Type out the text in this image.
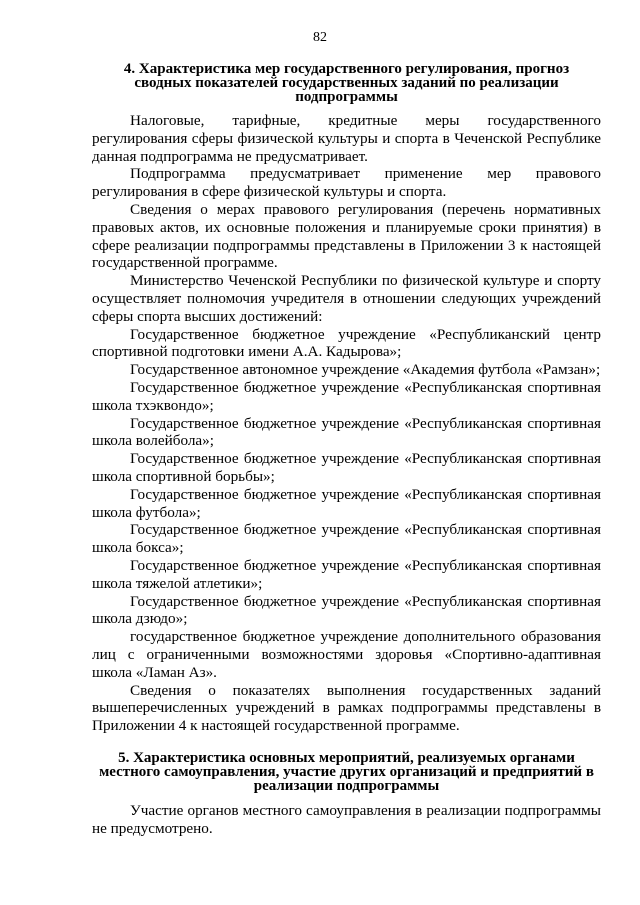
82

4. Характеристика мер государственного регулирования, прогноз
сводных показателей государственных заданий по реализации
подпрограммы

Налоговые, тарифные, кредитные меры государственного регулирования сферы физической культуры и спорта в Чеченской Республике данная подпрограмма не предусматривает.

Подпрограмма предусматривает применение мер правового регулирования в сфере физической культуры и спорта.

Сведения о мерах правового регулирования (перечень нормативных правовых актов, их основные положения и планируемые сроки принятия) в сфере реализации подпрограммы представлены в Приложении 3 к настоящей государственной программе.

Министерство Чеченской Республики по физической культуре и спорту осуществляет полномочия учредителя в отношении следующих учреждений сферы спорта высших достижений:

Государственное бюджетное учреждение «Республиканский центр спортивной подготовки имени А.А. Кадырова»;

Государственное автономное учреждение «Академия футбола «Рамзан»;

Государственное бюджетное учреждение «Республиканская спортивная школа тхэквондо»;

Государственное бюджетное учреждение «Республиканская спортивная школа волейбола»;

Государственное бюджетное учреждение «Республиканская спортивная школа спортивной борьбы»;

Государственное бюджетное учреждение «Республиканская спортивная школа футбола»;

Государственное бюджетное учреждение «Республиканская спортивная школа бокса»;

Государственное бюджетное учреждение «Республиканская спортивная школа тяжелой атлетики»;

Государственное бюджетное учреждение «Республиканская спортивная школа дзюдо»;

государственное бюджетное учреждение дополнительного образования лиц с ограниченными возможностями здоровья «Спортивно-адаптивная школа «Ламан Аз».

Сведения о показателях выполнения государственных заданий вышеперечисленных учреждений в рамках подпрограммы представлены в Приложении 4 к настоящей государственной программе.

5. Характеристика основных мероприятий, реализуемых органами
местного самоуправления, участие других организаций и предприятий в
реализации подпрограммы

Участие органов местного самоуправления в реализации подпрограммы не предусмотрено.
